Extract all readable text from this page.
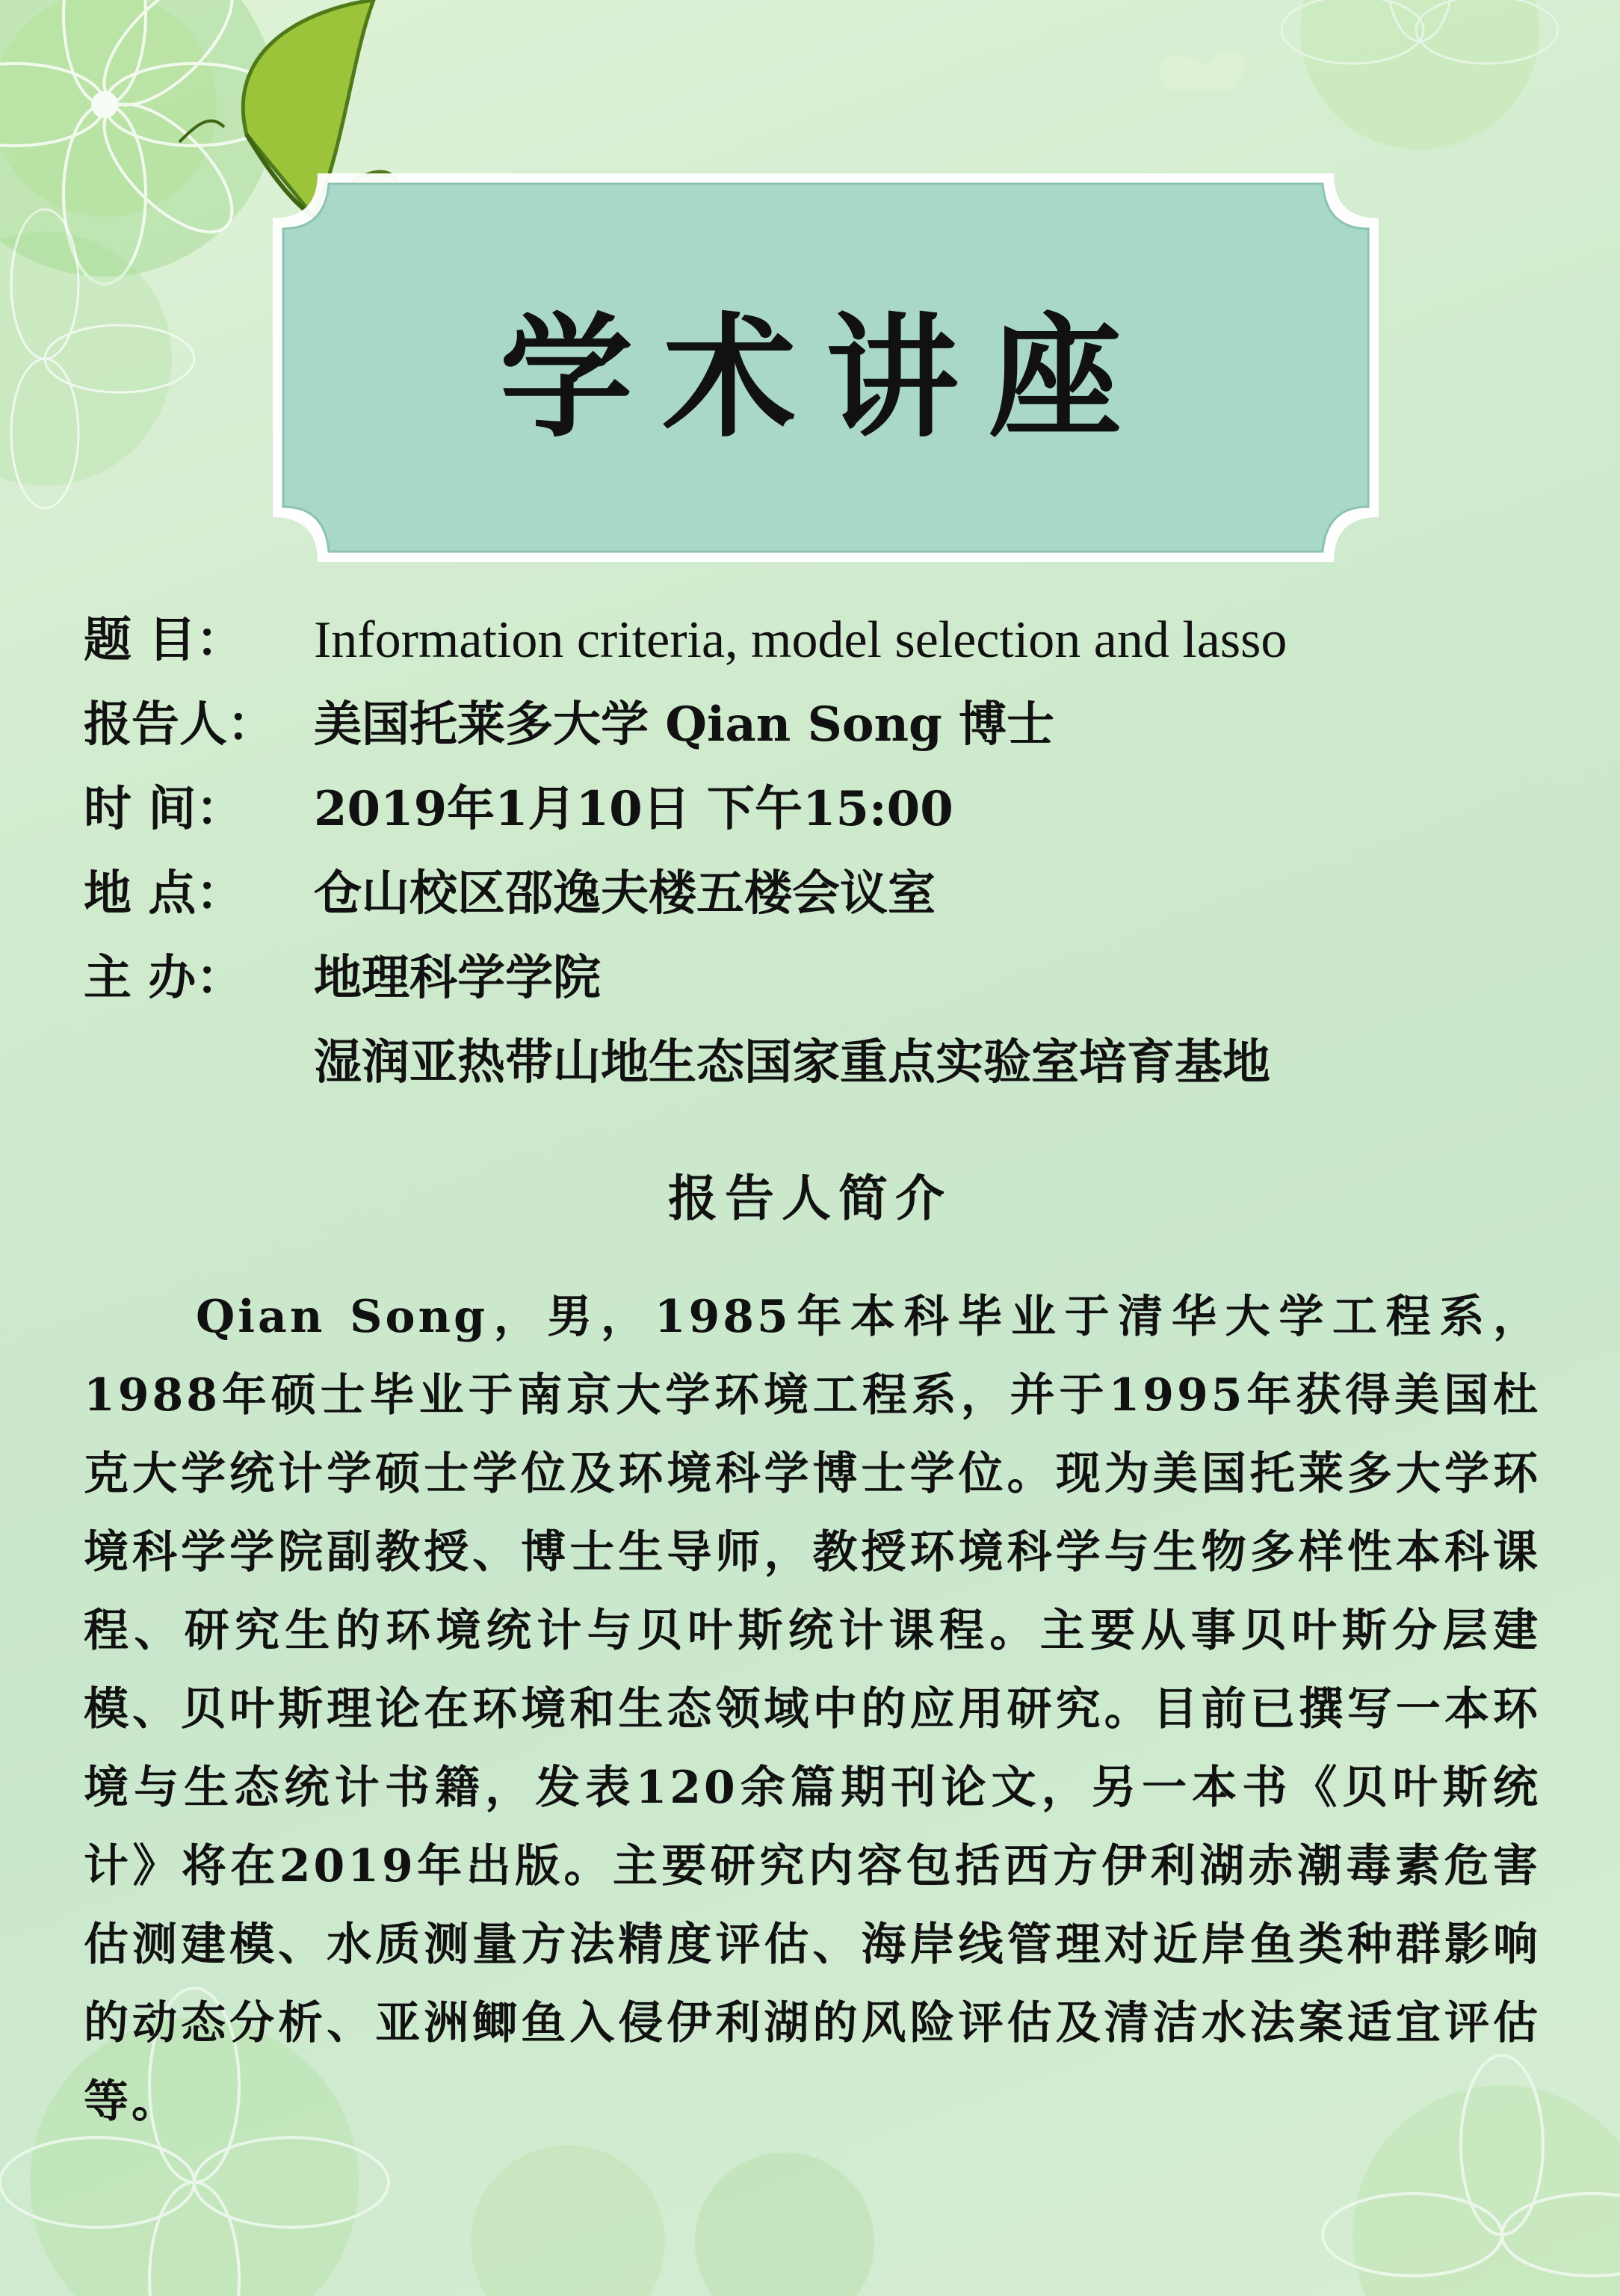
学术讲座
题 目： Information criteria, model selection and lasso
报告人： 美国托莱多大学 Qian Song 博士
时 间： 2019年1月10日 下午15:00
地 点： 仓山校区邵逸夫楼五楼会议室
主 办： 地理科学学院
湿润亚热带山地生态国家重点实验室培育基地
报告人简介
Qian Song，男，1985年本科毕业于清华大学工程系，1988年硕士毕业于南京大学环境工程系，并于1995年获得美国杜克大学统计学硕士学位及环境科学博士学位。现为美国托莱多大学环境科学学院副教授、博士生导师，教授环境科学与生物多样性本科课程、研究生的环境统计与贝叶斯统计课程。主要从事贝叶斯分层建模、贝叶斯理论在环境和生态领域中的应用研究。目前已撰写一本环境与生态统计书籍，发表120余篇期刊论文，另一本书《贝叶斯统计》将在2019年出版。主要研究内容包括西方伊利湖赤潮毒素危害估测建模、水质测量方法精度评估、海岸线管理对近岸鱼类种群影响的动态分析、亚洲鲫鱼入侵伊利湖的风险评估及清洁水法案适宜评估等。
